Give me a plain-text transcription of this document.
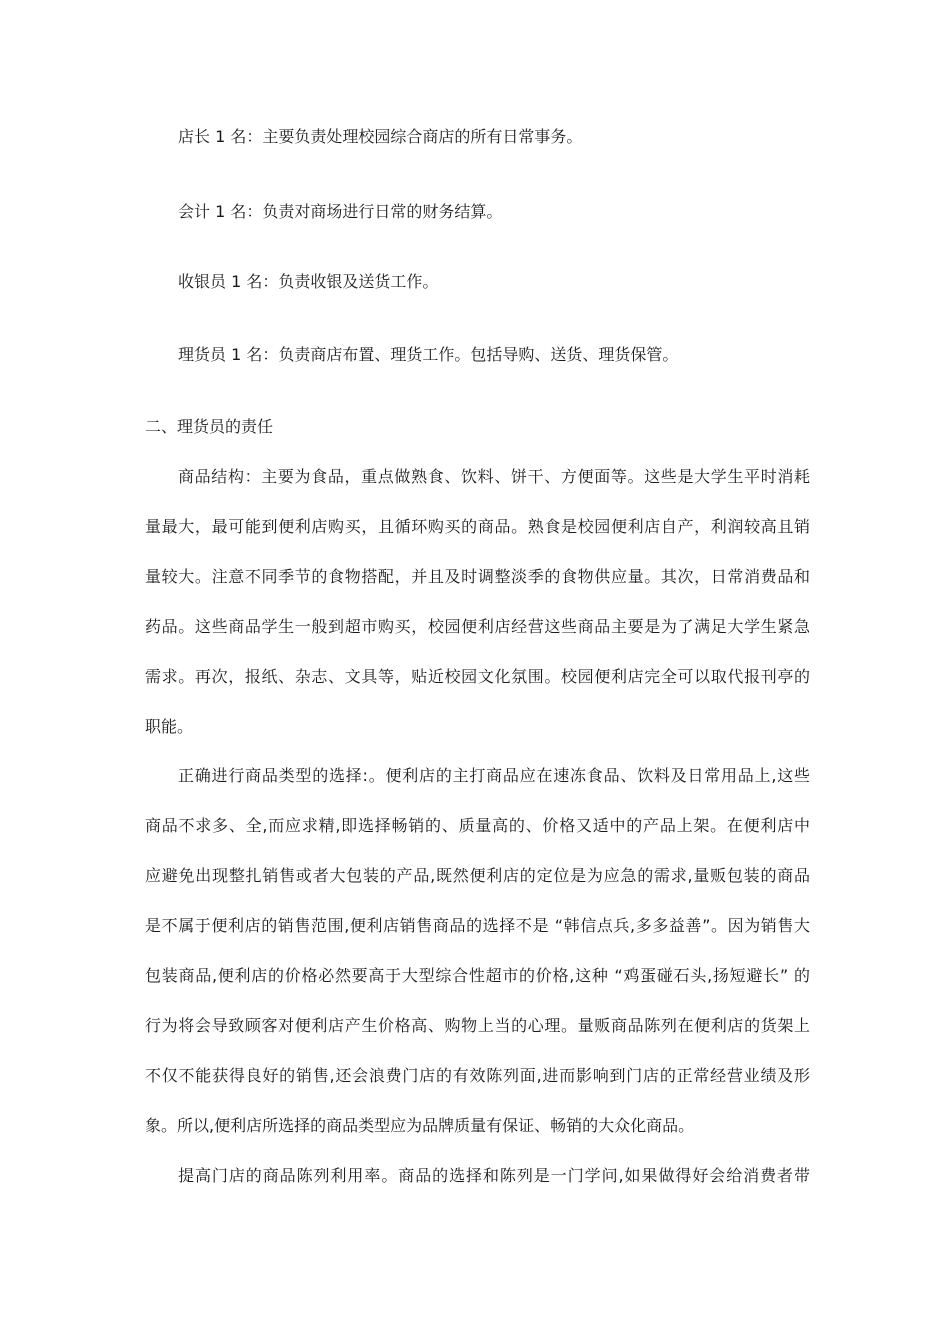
店长 1 名：主要负责处理校园综合商店的所有日常事务。
会计 1 名：负责对商场进行日常的财务结算。
收银员 1 名：负责收银及送货工作。
理货员 1 名：负责商店布置、理货工作。包括导购、送货、理货保管。
二、理货员的责任
商品结构：主要为食品，重点做熟食、饮料、饼干、方便面等。这些是大学生平时消耗
量最大，最可能到便利店购买，且循环购买的商品。熟食是校园便利店自产，利润较高且销
量较大。注意不同季节的食物搭配，并且及时调整淡季的食物供应量。其次，日常消费品和
药品。这些商品学生一般到超市购买，校园便利店经营这些商品主要是为了满足大学生紧急
需求。再次，报纸、杂志、文具等，贴近校园文化氛围。校园便利店完全可以取代报刊亭的
职能。
正确进行商品类型的选择:。便利店的主打商品应在速冻食品、饮料及日常用品上,这些
商品不求多、全,而应求精,即选择畅销的、质量高的、价格又适中的产品上架。在便利店中
应避免出现整扎销售或者大包装的产品,既然便利店的定位是为应急的需求,量贩包装的商品
是不属于便利店的销售范围,便利店销售商品的选择不是 “韩信点兵,多多益善”。因为销售大
包装商品,便利店的价格必然要高于大型综合性超市的价格,这种 “鸡蛋碰石头,扬短避长” 的
行为将会导致顾客对便利店产生价格高、购物上当的心理。量贩商品陈列在便利店的货架上
不仅不能获得良好的销售,还会浪费门店的有效陈列面,进而影响到门店的正常经营业绩及形
象。所以,便利店所选择的商品类型应为品牌质量有保证、畅销的大众化商品。
提高门店的商品陈列利用率。商品的选择和陈列是一门学问,如果做得好会给消费者带
